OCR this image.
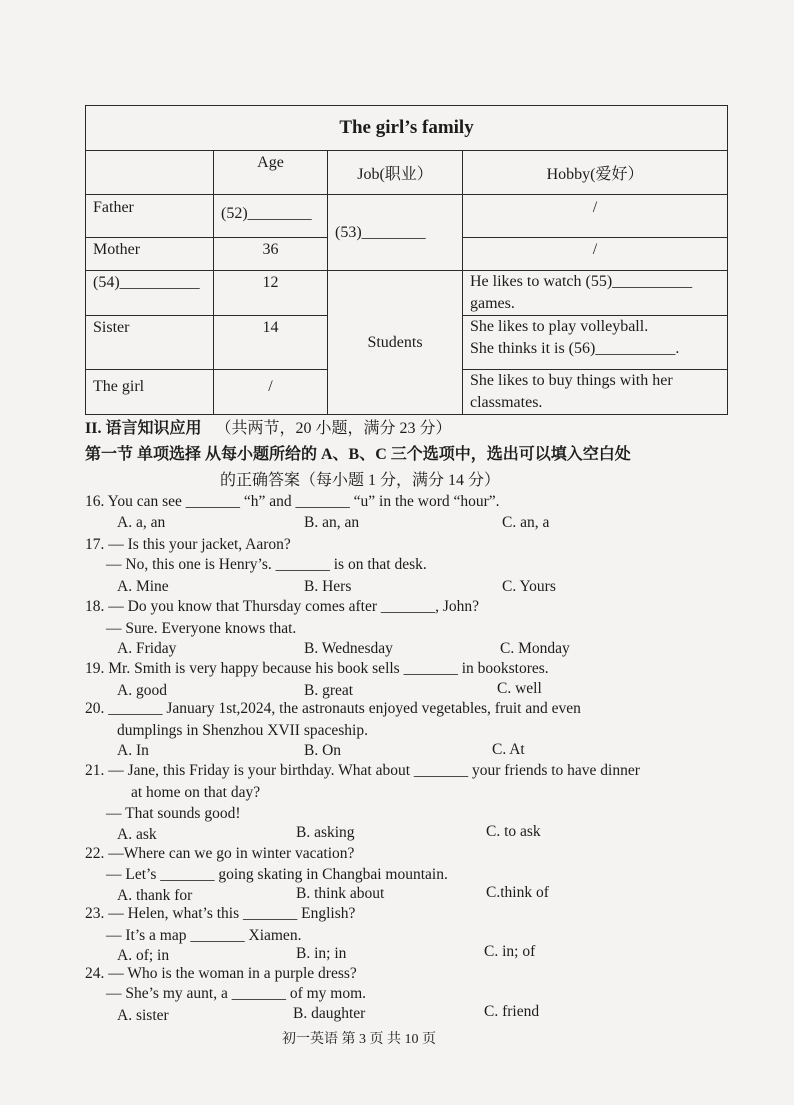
The girl’s family			
	Age	Job(职业）	Hobby(爱好）
Father	(52)________	(53)________	/
Mother	36		/
(54)__________	12	Students	He likes to watch (55)__________
games.

Sister	14		She likes to play volleyball.
She thinks it is (56)__________.

The girl	/		She likes to buy things with her
classmates.
II. 语言知识应用 （共两节，20 小题，满分 23 分）
第一节 单项选择 从每小题所给的 A、B、C 三个选项中，选出可以填入空白处
的正确答案（每小题 1 分，满分 14 分）
16. You can see _______ “h” and _______ “u” in the word “hour”.
A. a, an	B. an, an	C. an, a
17. — Is this your jacket, Aaron?
— No, this one is Henry’s. _______ is on that desk.
A. Mine	B. Hers	C. Yours
18. — Do you know that Thursday comes after _______, John?
— Sure. Everyone knows that.
A. Friday	B. Wednesday	C. Monday
19. Mr. Smith is very happy because his book sells _______ in bookstores.
A. good	B. great	C. well
20. _______ January 1st,2024, the astronauts enjoyed vegetables, fruit and even
dumplings in Shenzhou XVII spaceship.
A. In	B. On	C. At
21. — Jane, this Friday is your birthday. What about _______ your friends to have dinner
at home on that day?
— That sounds good!
A. ask	B. asking	C. to ask
22. —Where can we go in winter vacation?
— Let’s _______ going skating in Changbai mountain.
A. thank for	B. think about	C.think of
23. — Helen, what’s this _______ English?
— It’s a map _______ Xiamen.
A. of; in	B. in; in	C. in; of
24. — Who is the woman in a purple dress?
— She’s my aunt, a _______ of my mom.
A. sister	B. daughter	C. friend
初一英语 第 3 页 共 10 页
